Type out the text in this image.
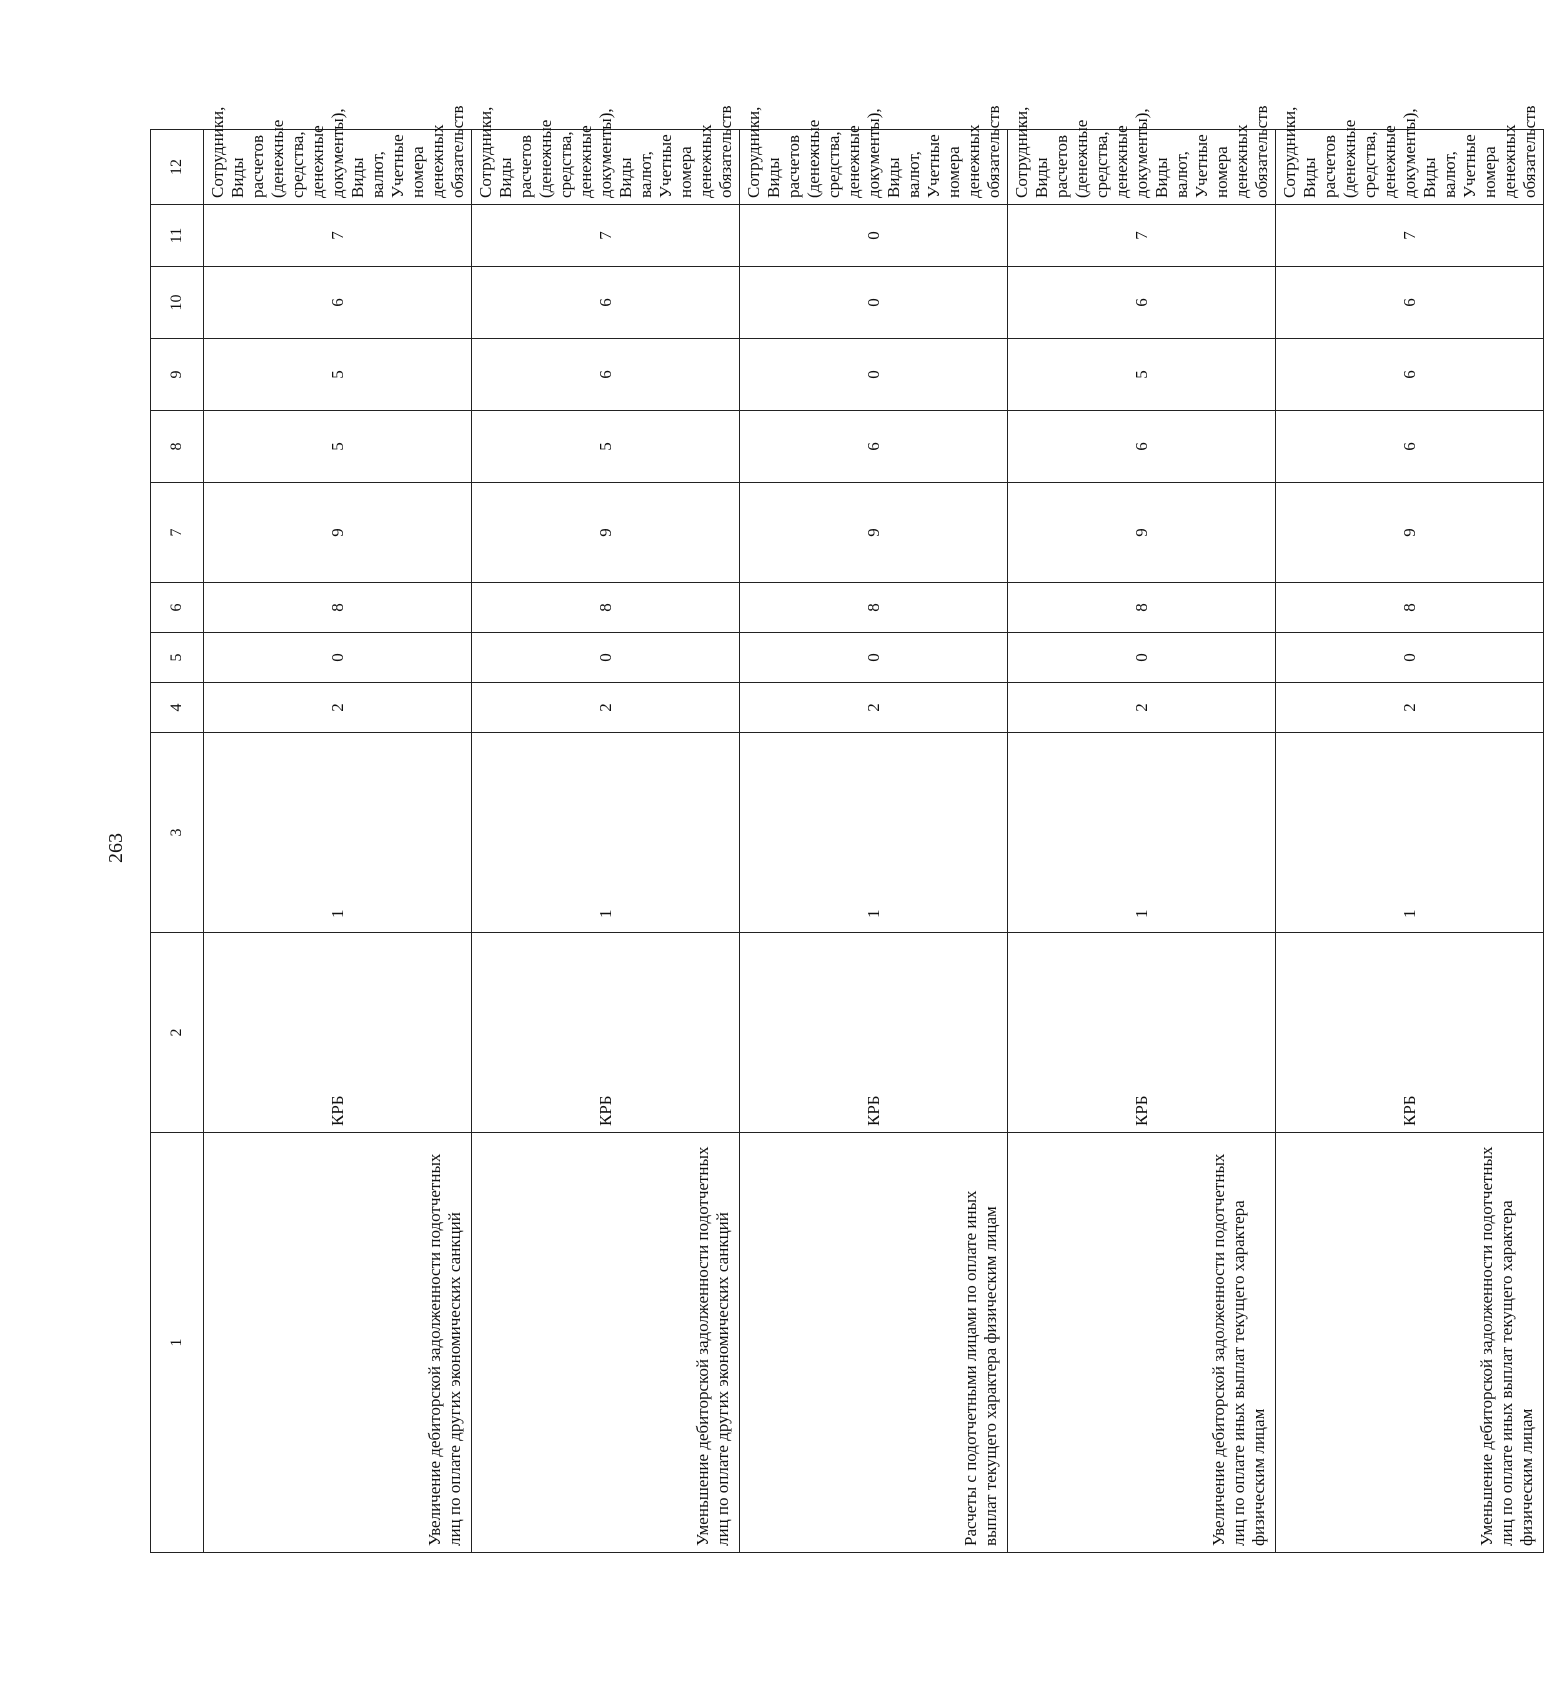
263
1	2	3	4	5	6	7	8	9	10	11	12
Увеличение дебиторской задолженности подотчетных лиц по оплате других экономических санкций	КРБ	1	2	0	8	9	5	5	6	7	Сотрудники, Виды расчетов (денежные средства, денежные документы), Виды валют, Учетные номера денежных обязательств
Уменьшение дебиторской задолженности подотчетных лиц по оплате других экономических санкций	КРБ	1	2	0	8	9	5	6	6	7	Сотрудники, Виды расчетов (денежные средства, денежные документы), Виды валют, Учетные номера денежных обязательств
Расчеты с подотчетными лицами по оплате иных выплат текущего характера физическим лицам	КРБ	1	2	0	8	9	6	0	0	0	Сотрудники, Виды расчетов (денежные средства, денежные документы), Виды валют, Учетные номера денежных обязательств
Увеличение дебиторской задолженности подотчетных лиц по оплате иных выплат текущего характера физическим лицам	КРБ	1	2	0	8	9	6	5	6	7	Сотрудники, Виды расчетов (денежные средства, денежные документы), Виды валют, Учетные номера денежных обязательств
Уменьшение дебиторской задолженности подотчетных лиц по оплате иных выплат текущего характера физическим лицам	КРБ	1	2	0	8	9	6	6	6	7	Сотрудники, Виды расчетов (денежные средства, денежные документы), Виды валют, Учетные номера денежных обязательств
